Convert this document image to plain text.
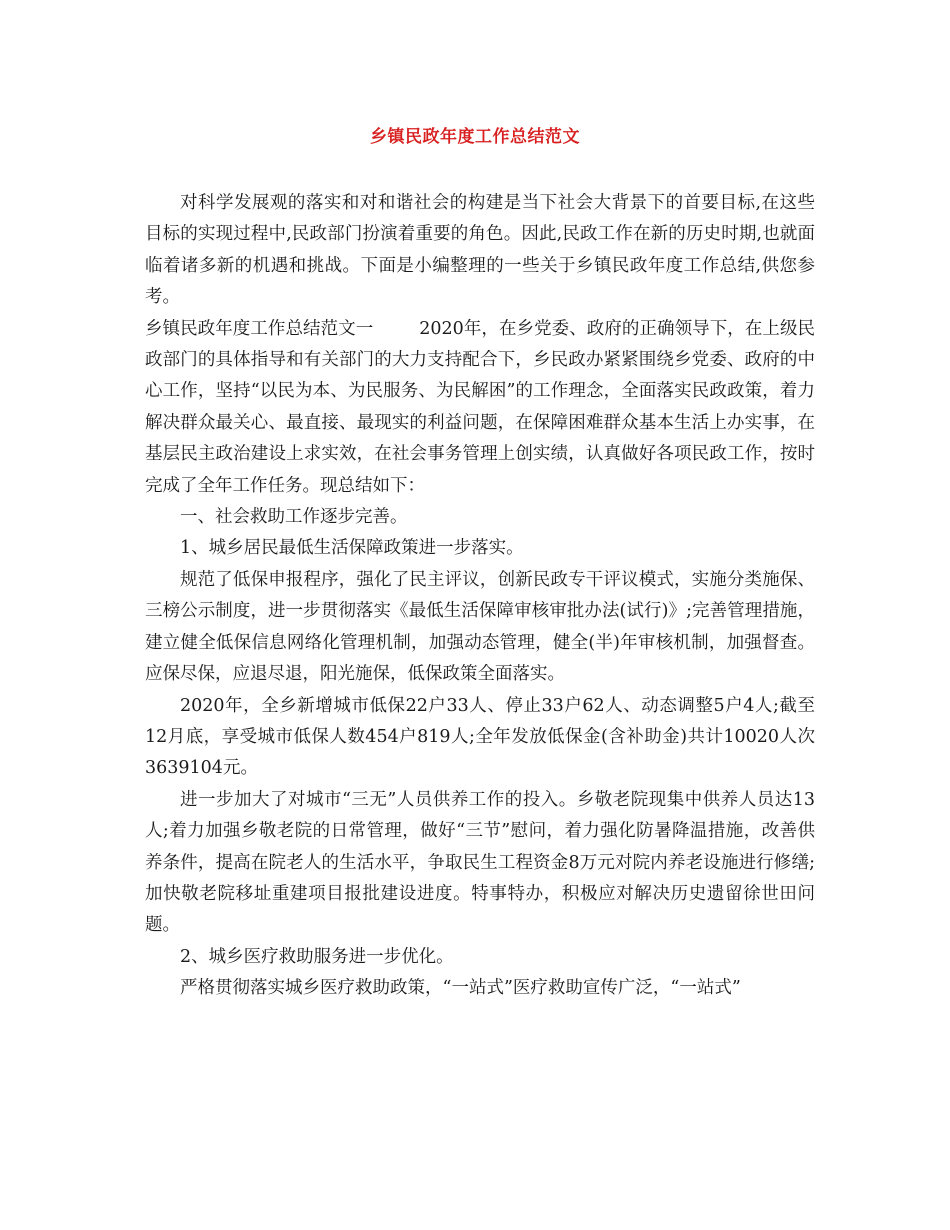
乡镇民政年度工作总结范文

对科学发展观的落实和对和谐社会的构建是当下社会大背景下的首要目标,在这些目标的实现过程中,民政部门扮演着重要的角色。因此,民政工作在新的历史时期,也就面临着诸多新的机遇和挑战。下面是小编整理的一些关于乡镇民政年度工作总结,供您参考。

乡镇民政年度工作总结范文一	2020年，在乡党委、政府的正确领导下，在上级民政部门的具体指导和有关部门的大力支持配合下，乡民政办紧紧围绕乡党委、政府的中心工作，坚持“以民为本、为民服务、为民解困”的工作理念，全面落实民政政策，着力解决群众最关心、最直接、最现实的利益问题，在保障困难群众基本生活上办实事，在基层民主政治建设上求实效，在社会事务管理上创实绩，认真做好各项民政工作，按时完成了全年工作任务。现总结如下：

一、社会救助工作逐步完善。

1、城乡居民最低生活保障政策进一步落实。

规范了低保申报程序，强化了民主评议，创新民政专干评议模式，实施分类施保、三榜公示制度，进一步贯彻落实《最低生活保障审核审批办法(试行)》;完善管理措施，建立健全低保信息网络化管理机制，加强动态管理，健全(半)年审核机制，加强督查。应保尽保，应退尽退，阳光施保，低保政策全面落实。

2020年，全乡新增城市低保22户33人、停止33户62人、动态调整5户4人;截至12月底，享受城市低保人数454户819人;全年发放低保金(含补助金)共计10020人次3639104元。

进一步加大了对城市“三无”人员供养工作的投入。乡敬老院现集中供养人员达13人;着力加强乡敬老院的日常管理，做好“三节”慰问，着力强化防暑降温措施，改善供养条件，提高在院老人的生活水平，争取民生工程资金8万元对院内养老设施进行修缮;加快敬老院移址重建项目报批建设进度。特事特办，积极应对解决历史遗留徐世田问题。

2、城乡医疗救助服务进一步优化。

严格贯彻落实城乡医疗救助政策，“一站式”医疗救助宣传广泛，“一站式”
